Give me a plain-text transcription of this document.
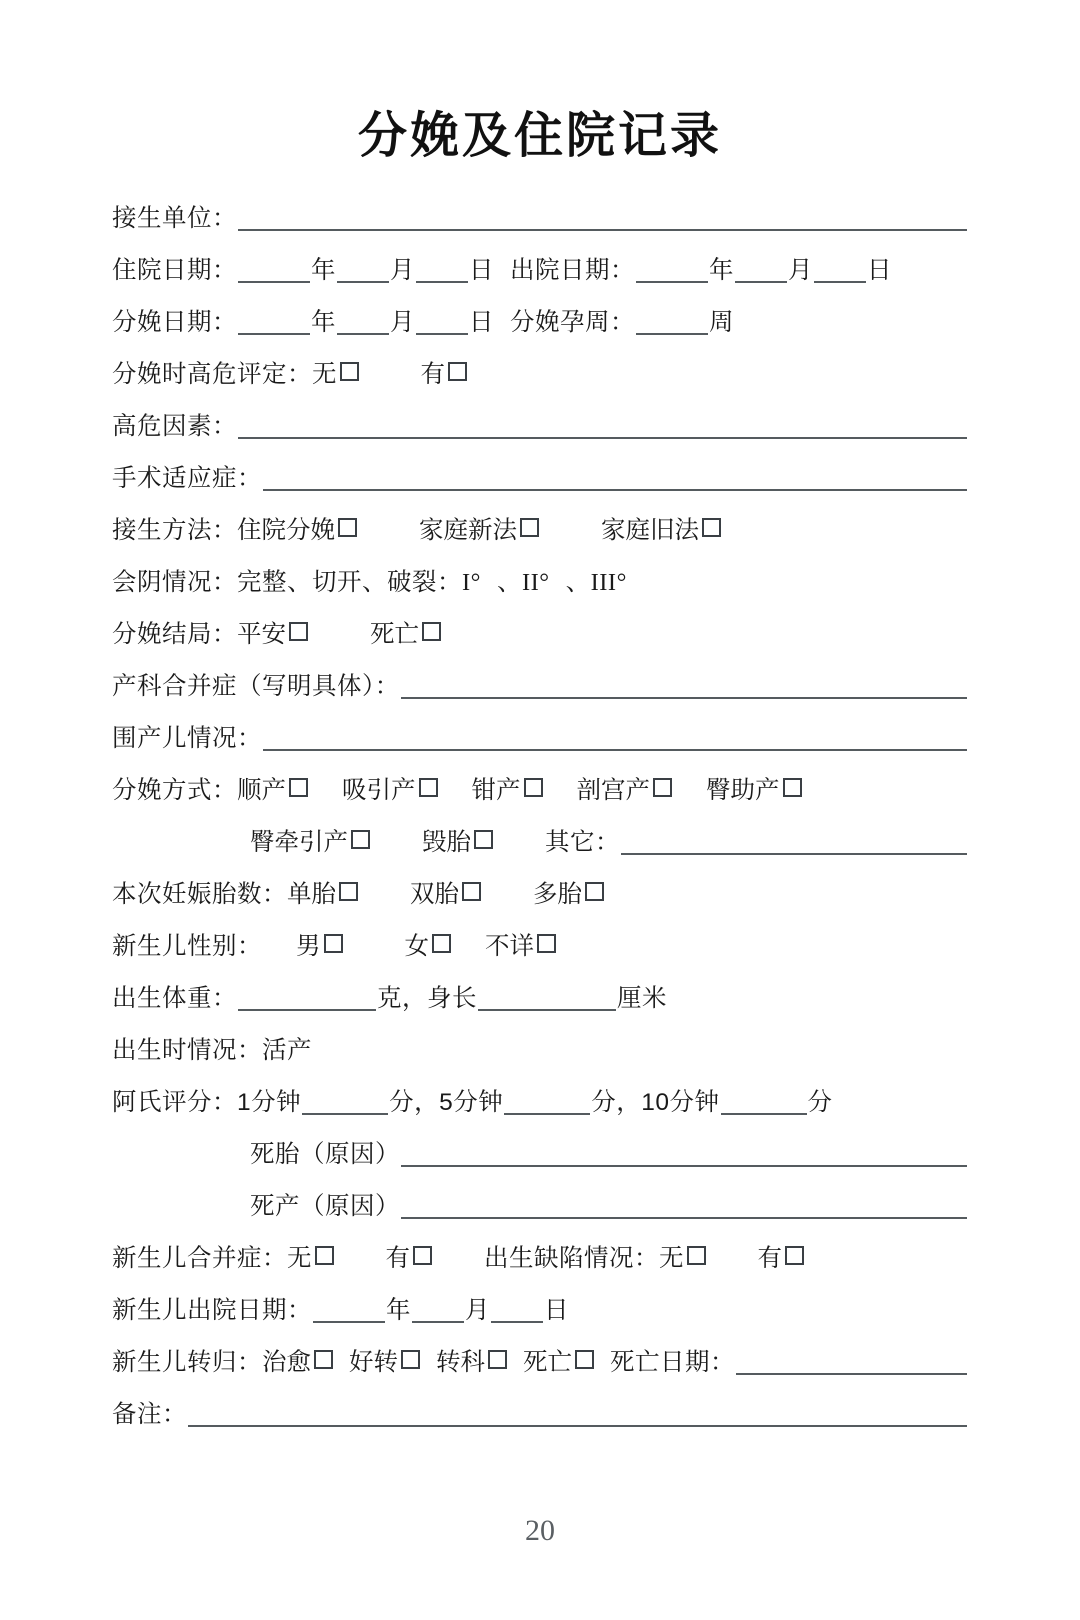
分娩及住院记录
接生单位：
住院日期：	年 月 日 出院日期：	年 月 日
分娩日期：	年 月 日 分娩孕周：	周
分娩时高危评定： 无	有
高危因素：
手术适应症：
接生方法： 住院分娩	家庭新法	家庭旧法
会阴情况： 完整、切开、破裂： I° 、 II° 、 III°
分娩结局： 平安	死亡
产科合并症（写明具体）：
围产儿情况：
分娩方式： 顺产 吸引产 钳产 剖宫产 臀助产
臀牵引产	毁胎	其它：
本次妊娠胎数： 单胎	双胎	多胎
新生儿性别： 男	女 不详
出生体重：	克，身长	厘米
出生时情况： 活产
阿氏评分： 1分钟	分，5分钟	分，10分钟	分
死胎（原因）
死产（原因）
新生儿合并症： 无	有	出生缺陷情况： 无	有
新生儿出院日期：	年 月 日
新生儿转归： 治愈 好转 转科 死亡 死亡日期：
备注：
20
